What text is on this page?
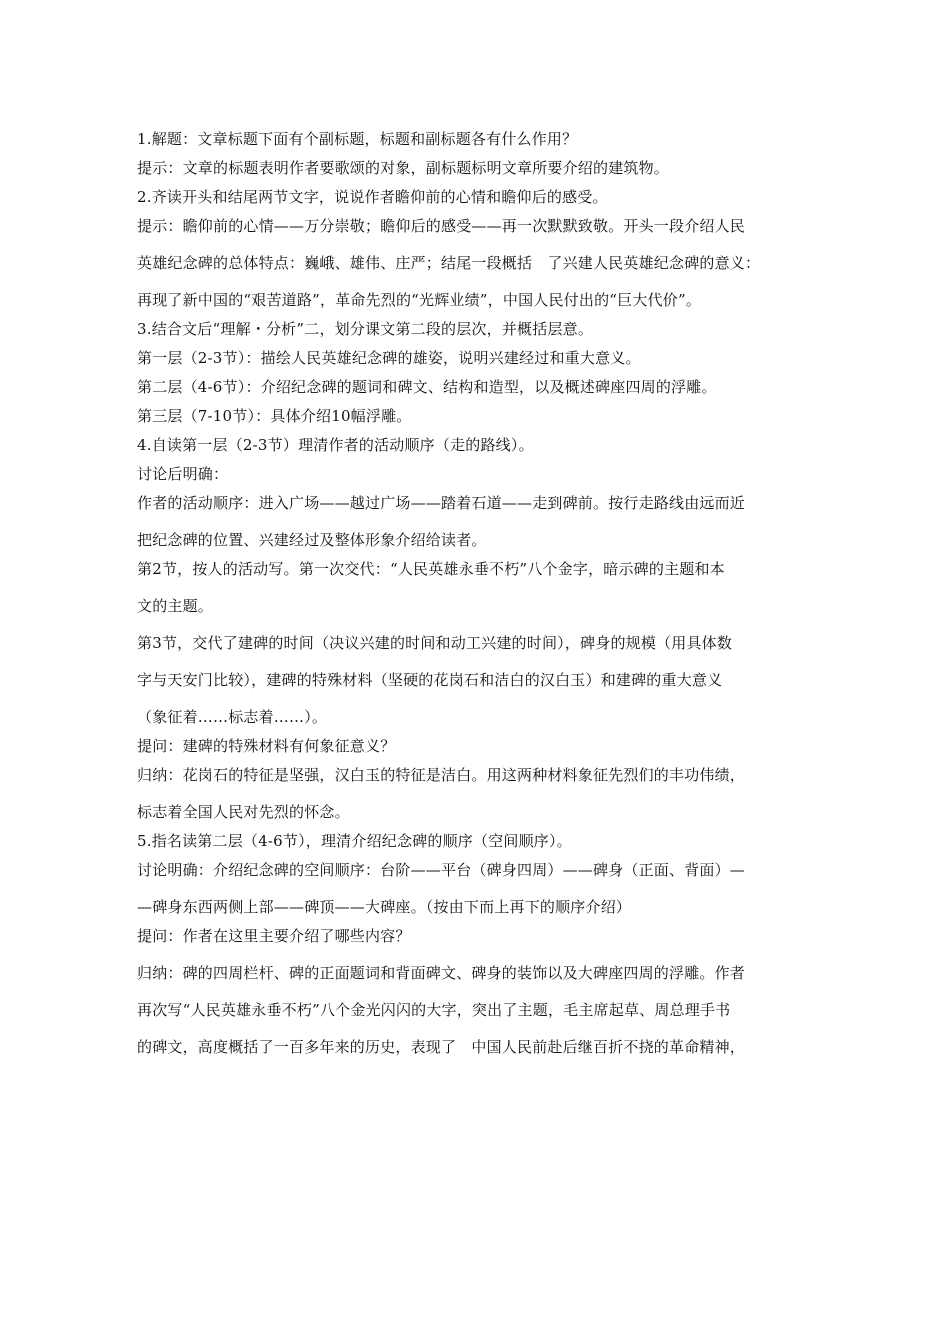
1.解题：文章标题下面有个副标题，标题和副标题各有什么作用？
提示：文章的标题表明作者要歌颂的对象，副标题标明文章所要介绍的建筑物。
2.齐读开头和结尾两节文字，说说作者瞻仰前的心情和瞻仰后的感受。
提示：瞻仰前的心情——万分崇敬；瞻仰后的感受——再一次默默致敬。开头一段介绍人民
英雄纪念碑的总体特点：巍峨、雄伟、庄严；结尾一段概括　了兴建人民英雄纪念碑的意义：
再现了新中国的“艰苦道路”，革命先烈的“光辉业绩”，中国人民付出的“巨大代价”。
3.结合文后“理解・分析”二，划分课文第二段的层次，并概括层意。
第一层（2-3节）：描绘人民英雄纪念碑的雄姿，说明兴建经过和重大意义。
第二层（4-6节）：介绍纪念碑的题词和碑文、结构和造型，以及概述碑座四周的浮雕。
第三层（7-10节）：具体介绍10幅浮雕。
4.自读第一层（2-3节）理清作者的活动顺序（走的路线）。
讨论后明确：
作者的活动顺序：进入广场——越过广场——踏着石道——走到碑前。按行走路线由远而近
把纪念碑的位置、兴建经过及整体形象介绍给读者。
第2节，按人的活动写。第一次交代：“人民英雄永垂不朽”八个金字，暗示碑的主题和本
文的主题。
第3节，交代了建碑的时间（决议兴建的时间和动工兴建的时间），碑身的规模（用具体数
字与天安门比较），建碑的特殊材料（坚硬的花岗石和洁白的汉白玉）和建碑的重大意义
（象征着……标志着……）。
提问：建碑的特殊材料有何象征意义？
归纳：花岗石的特征是坚强，汉白玉的特征是洁白。用这两种材料象征先烈们的丰功伟绩，
标志着全国人民对先烈的怀念。
5.指名读第二层（4-6节），理清介绍纪念碑的顺序（空间顺序）。
讨论明确：介绍纪念碑的空间顺序：台阶——平台（碑身四周）——碑身（正面、背面）—
—碑身东西两侧上部——碑顶——大碑座。（按由下而上再下的顺序介绍）
提问：作者在这里主要介绍了哪些内容？
归纳：碑的四周栏杆、碑的正面题词和背面碑文、碑身的装饰以及大碑座四周的浮雕。作者
再次写“人民英雄永垂不朽”八个金光闪闪的大字，突出了主题，毛主席起草、周总理手书
的碑文，高度概括了一百多年来的历史，表现了　中国人民前赴后继百折不挠的革命精神，
